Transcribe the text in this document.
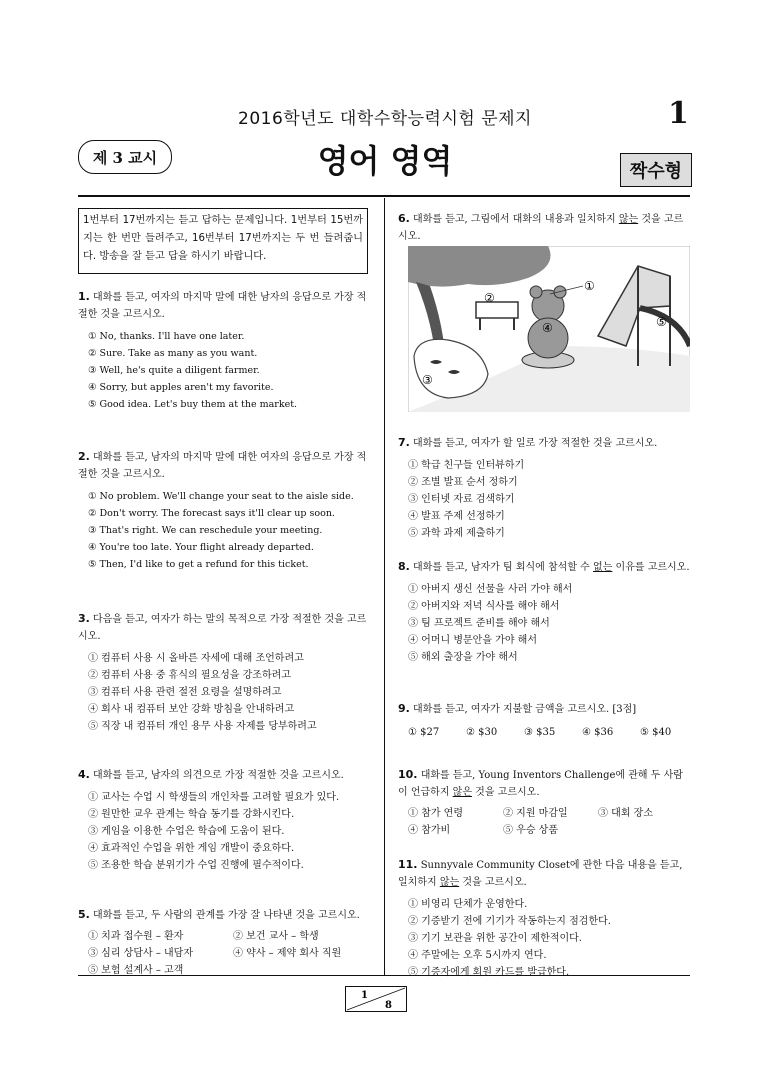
2016학년도 대학수학능력시험 문제지	1
제 3 교시	영어 영역	짝수형
1번부터 17번까지는 듣고 답하는 문제입니다. 1번부터 15번까지는 한 번만 들려주고, 16번부터 17번까지는 두 번 들려줍니다. 방송을 잘 듣고 답을 하시기 바랍니다.

1. 대화를 듣고, 여자의 마지막 말에 대한 남자의 응답으로 가장 적절한 것을 고르시오.

① No, thanks. I'll have one later.
② Sure. Take as many as you want.
③ Well, he's quite a diligent farmer.
④ Sorry, but apples aren't my favorite.
⑤ Good idea. Let's buy them at the market.

2. 대화를 듣고, 남자의 마지막 말에 대한 여자의 응답으로 가장 적절한 것을 고르시오.

① No problem. We'll change your seat to the aisle side.
② Don't worry. The forecast says it'll clear up soon.
③ That's right. We can reschedule your meeting.
④ You're too late. Your flight already departed.
⑤ Then, I'd like to get a refund for this ticket.

3. 다음을 듣고, 여자가 하는 말의 목적으로 가장 적절한 것을 고르시오.

① 컴퓨터 사용 시 올바른 자세에 대해 조언하려고
② 컴퓨터 사용 중 휴식의 필요성을 강조하려고
③ 컴퓨터 사용 관련 절전 요령을 설명하려고
④ 회사 내 컴퓨터 보안 강화 방침을 안내하려고
⑤ 직장 내 컴퓨터 개인 용무 사용 자제를 당부하려고

4. 대화를 듣고, 남자의 의견으로 가장 적절한 것을 고르시오.

① 교사는 수업 시 학생들의 개인차를 고려할 필요가 있다.
② 원만한 교우 관계는 학습 동기를 강화시킨다.
③ 게임을 이용한 수업은 학습에 도움이 된다.
④ 효과적인 수업을 위한 게임 개발이 중요하다.
⑤ 조용한 학습 분위기가 수업 진행에 필수적이다.

5. 대화를 듣고, 두 사람의 관계를 가장 잘 나타낸 것을 고르시오.

① 치과 접수원 – 환자	② 보건 교사 – 학생
③ 심리 상담사 – 내담자	④ 약사 – 제약 회사 직원
⑤ 보험 설계사 – 고객

6. 대화를 듣고, 그림에서 대화의 내용과 일치하지 않는 것을 고르시오.

①
②
③
④	⑤

7. 대화를 듣고, 여자가 할 일로 가장 적절한 것을 고르시오.

① 학급 친구들 인터뷰하기
② 조별 발표 순서 정하기
③ 인터넷 자료 검색하기
④ 발표 주제 선정하기
⑤ 과학 과제 제출하기

8. 대화를 듣고, 남자가 팀 회식에 참석할 수 없는 이유를 고르시오.

① 아버지 생신 선물을 사러 가야 해서
② 아버지와 저녁 식사를 해야 해서
③ 팀 프로젝트 준비를 해야 해서
④ 어머니 병문안을 가야 해서
⑤ 해외 출장을 가야 해서

9. 대화를 듣고, 여자가 지불할 금액을 고르시오. [3점]

① $27	② $30	③ $35	④ $36	⑤ $40

10. 대화를 듣고, Young Inventors Challenge에 관해 두 사람이 언급하지 않은 것을 고르시오.

① 참가 연령	② 지원 마감일	③ 대회 장소
④ 참가비	⑤ 우승 상품

11. Sunnyvale Community Closet에 관한 다음 내용을 듣고, 일치하지 않는 것을 고르시오.

① 비영리 단체가 운영한다.
② 기증받기 전에 기기가 작동하는지 점검한다.
③ 기기 보관을 위한 공간이 제한적이다.
④ 주말에는 오후 5시까지 연다.
⑤ 기증자에게 회원 카드를 발급한다.
1
8
